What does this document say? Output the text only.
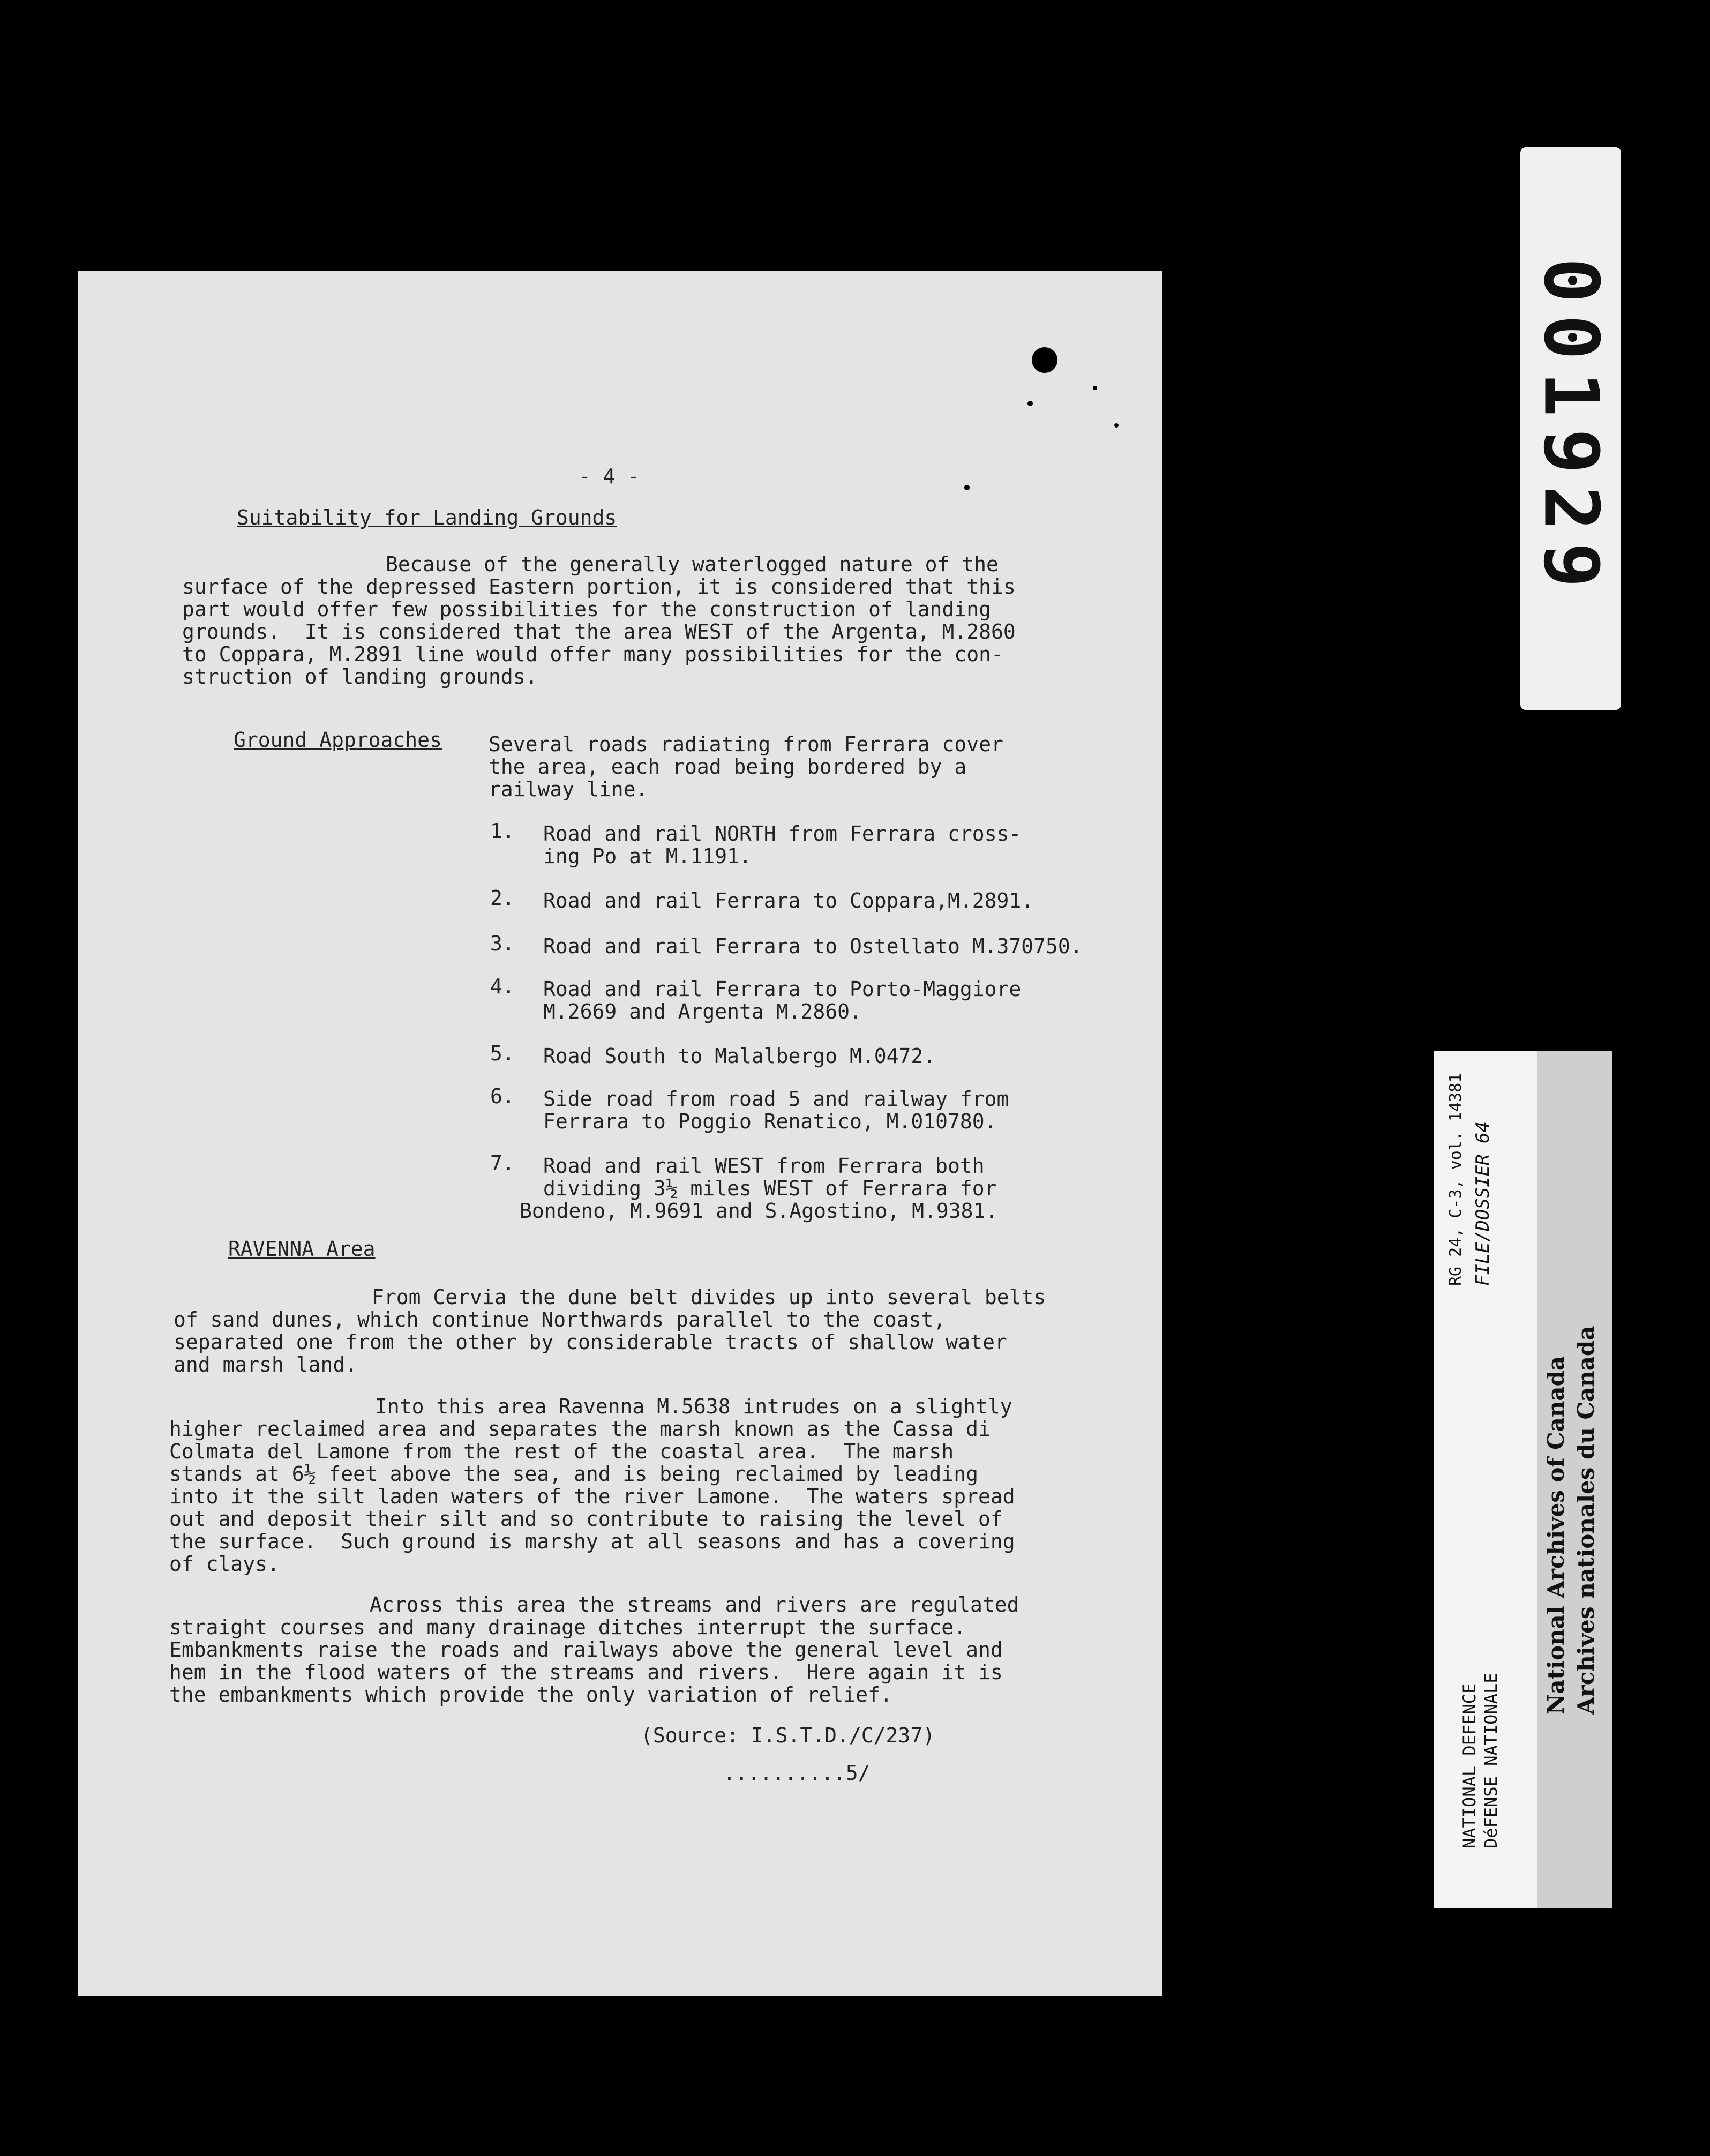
- 4 -
Suitability for Landing Grounds
Because of the generally waterlogged nature of the
surface of the depressed Eastern portion, it is considered that this
part would offer few possibilities for the construction of landing
grounds.  It is considered that the area WEST of the Argenta, M.2860
to Coppara, M.2891 line would offer many possibilities for the con-
struction of landing grounds.
Ground Approaches Several roads radiating from Ferrara cover
the area, each road being bordered by a
railway line.
1. Road and rail NORTH from Ferrara cross-
ing Po at M.1191.
2. Road and rail Ferrara to Coppara,M.2891.
3. Road and rail Ferrara to Ostellato M.370750.
4. Road and rail Ferrara to Porto-Maggiore
M.2669 and Argenta M.2860.
5. Road South to Malalbergo M.0472.
6. Side road from road 5 and railway from
Ferrara to Poggio Renatico, M.010780.
7. Road and rail WEST from Ferrara both
dividing 3½ miles WEST of Ferrara for
Bondeno, M.9691 and S.Agostino, M.9381.
RAVENNA Area
From Cervia the dune belt divides up into several belts
of sand dunes, which continue Northwards parallel to the coast,
separated one from the other by considerable tracts of shallow water
and marsh land.
Into this area Ravenna M.5638 intrudes on a slightly
higher reclaimed area and separates the marsh known as the Cassa di
Colmata del Lamone from the rest of the coastal area.  The marsh
stands at 6½ feet above the sea, and is being reclaimed by leading
into it the silt laden waters of the river Lamone.  The waters spread
out and deposit their silt and so contribute to raising the level of
the surface.  Such ground is marshy at all seasons and has a covering
of clays.
Across this area the streams and rivers are regulated
straight courses and many drainage ditches interrupt the surface.
Embankments raise the roads and railways above the general level and
hem in the flood waters of the streams and rivers.  Here again it is
the embankments which provide the only variation of relief.
(Source: I.S.T.D./C/237)
..........5/
001929
RG 24, C-3, vol. 14381 FILE/DOSSIER 64
NATIONAL DEFENCE DéFENSE NATIONALE
National Archives of Canada Archives nationales du Canada
